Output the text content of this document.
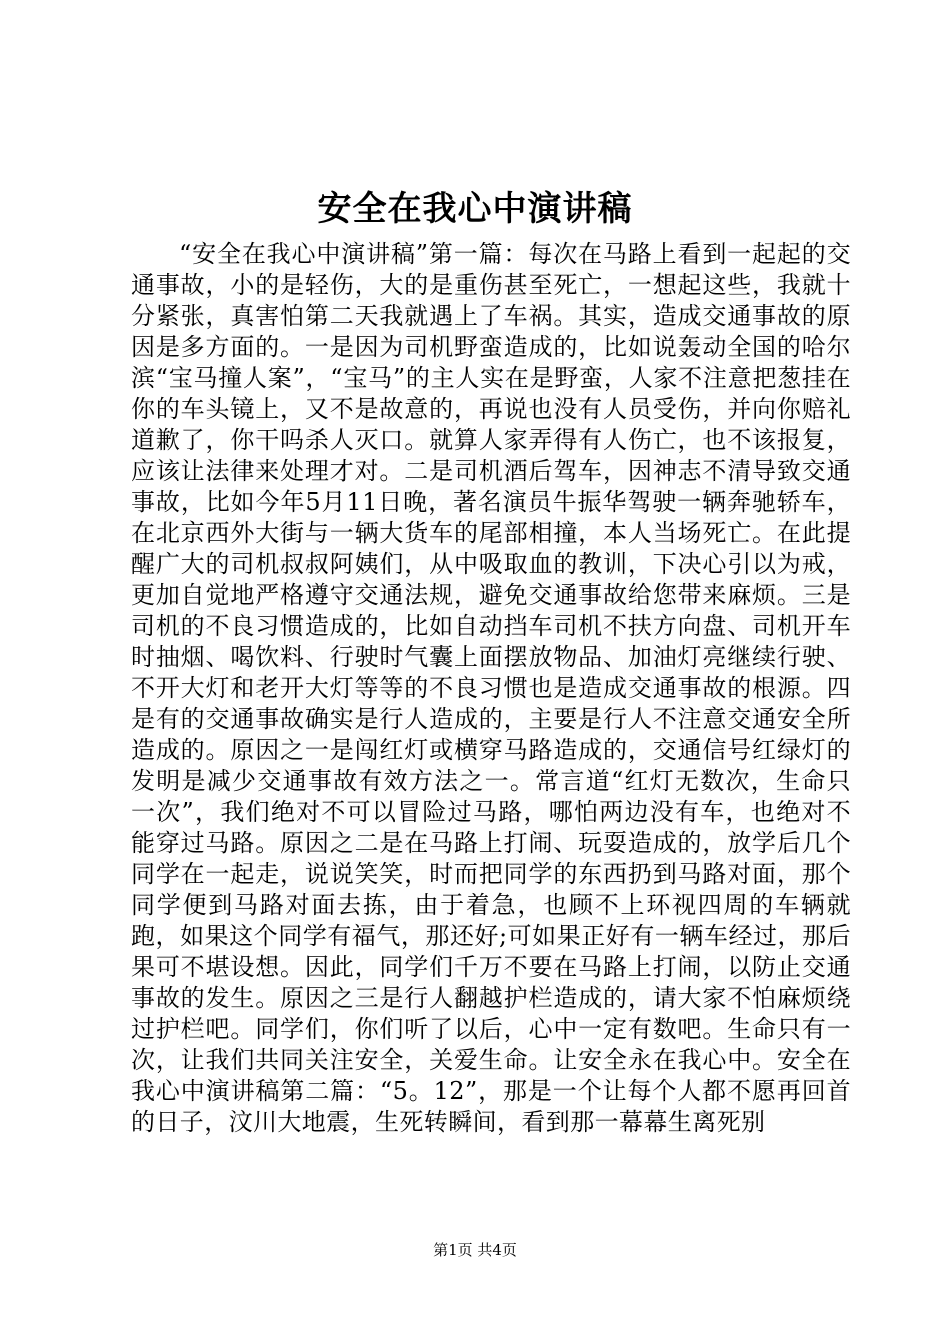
安全在我心中演讲稿

“安全在我心中演讲稿”第一篇：每次在马路上看到一起起的交通事故，小的是轻伤，大的是重伤甚至死亡，一想起这些，我就十分紧张，真害怕第二天我就遇上了车祸。其实，造成交通事故的原因是多方面的。一是因为司机野蛮造成的，比如说轰动全国的哈尔滨“宝马撞人案”，“宝马”的主人实在是野蛮，人家不注意把葱挂在你的车头镜上，又不是故意的，再说也没有人员受伤，并向你赔礼道歉了，你干吗杀人灭口。就算人家弄得有人伤亡，也不该报复，应该让法律来处理才对。二是司机酒后驾车，因神志不清导致交通事故，比如今年5月11日晚，著名演员牛振华驾驶一辆奔驰轿车，在北京西外大街与一辆大货车的尾部相撞，本人当场死亡。在此提醒广大的司机叔叔阿姨们，从中吸取血的教训，下决心引以为戒，更加自觉地严格遵守交通法规，避免交通事故给您带来麻烦。三是司机的不良习惯造成的，比如自动挡车司机不扶方向盘、司机开车时抽烟、喝饮料、行驶时气囊上面摆放物品、加油灯亮继续行驶、不开大灯和老开大灯等等的不良习惯也是造成交通事故的根源。四是有的交通事故确实是行人造成的，主要是行人不注意交通安全所造成的。原因之一是闯红灯或横穿马路造成的，交通信号红绿灯的发明是减少交通事故有效方法之一。常言道“红灯无数次，生命只一次”，我们绝对不可以冒险过马路，哪怕两边没有车，也绝对不能穿过马路。原因之二是在马路上打闹、玩耍造成的，放学后几个同学在一起走，说说笑笑，时而把同学的东西扔到马路对面，那个同学便到马路对面去拣，由于着急，也顾不上环视四周的车辆就跑，如果这个同学有福气，那还好;可如果正好有一辆车经过，那后果可不堪设想。因此，同学们千万不要在马路上打闹，以防止交通事故的发生。原因之三是行人翻越护栏造成的，请大家不怕麻烦绕过护栏吧。同学们，你们听了以后，心中一定有数吧。生命只有一次，让我们共同关注安全，关爱生命。让安全永在我心中。安全在我心中演讲稿第二篇：“5。12”，那是一个让每个人都不愿再回首的日子，汶川大地震，生死转瞬间，看到那一幕幕生离死别

第1页 共4页
